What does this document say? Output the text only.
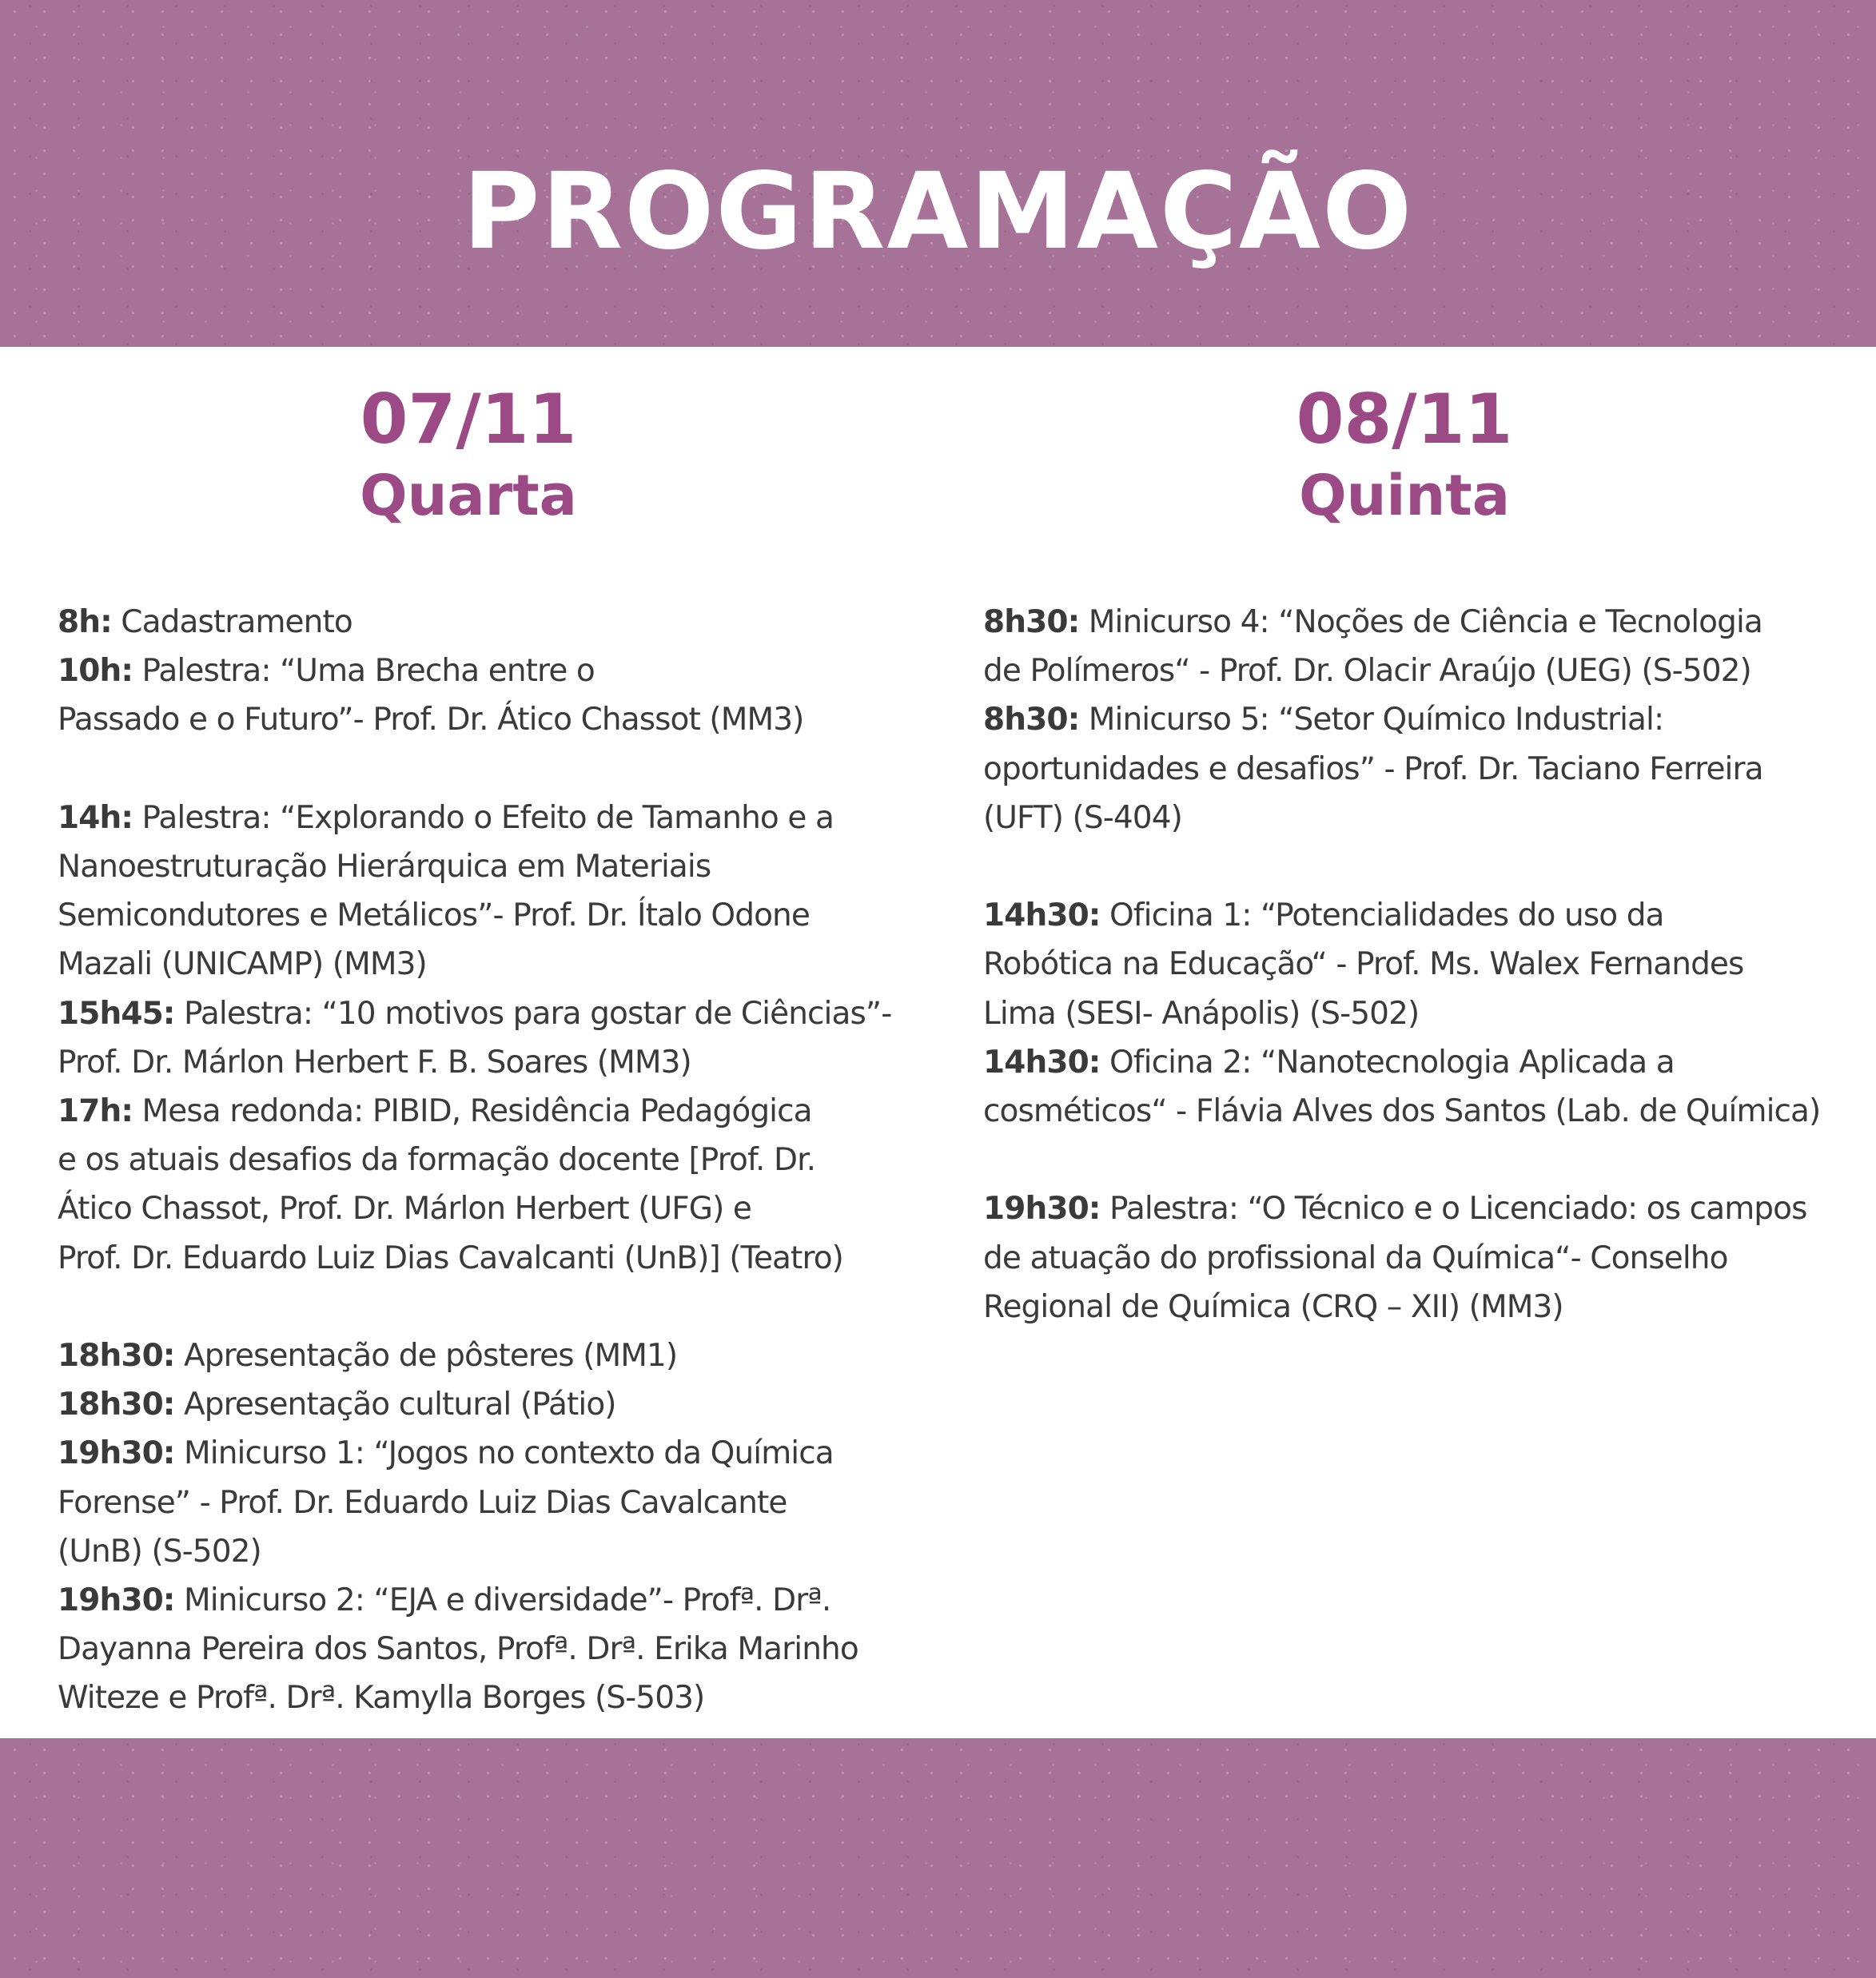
PROGRAMAÇÃO
07/11
Quarta
08/11
Quinta
8h: Cadastramento
10h: Palestra: “Uma Brecha entre o
Passado e o Futuro”- Prof. Dr. Ático Chassot (MM3)
14h: Palestra: “Explorando o Efeito de Tamanho e a
Nanoestruturação Hierárquica em Materiais
Semicondutores e Metálicos”- Prof. Dr. Ítalo Odone
Mazali (UNICAMP) (MM3)
15h45: Palestra: “10 motivos para gostar de Ciências”-
Prof. Dr. Márlon Herbert F. B. Soares (MM3)
17h: Mesa redonda: PIBID, Residência Pedagógica
e os atuais desafios da formação docente [Prof. Dr.
Ático Chassot, Prof. Dr. Márlon Herbert (UFG) e
Prof. Dr. Eduardo Luiz Dias Cavalcanti (UnB)] (Teatro)
18h30: Apresentação de pôsteres (MM1)
18h30: Apresentação cultural (Pátio)
19h30: Minicurso 1: “Jogos no contexto da Química
Forense” - Prof. Dr. Eduardo Luiz Dias Cavalcante
(UnB) (S-502)
19h30: Minicurso 2: “EJA e diversidade”- Profª. Drª.
Dayanna Pereira dos Santos, Profª. Drª. Erika Marinho
Witeze e Profª. Drª. Kamylla Borges (S-503)
8h30: Minicurso 4: “Noções de Ciência e Tecnologia
de Polímeros“ - Prof. Dr. Olacir Araújo (UEG) (S-502)
8h30: Minicurso 5: “Setor Químico Industrial:
oportunidades e desafios” - Prof. Dr. Taciano Ferreira
(UFT) (S-404)
14h30: Oficina 1: “Potencialidades do uso da
Robótica na Educação“ - Prof. Ms. Walex Fernandes
Lima (SESI- Anápolis) (S-502)
14h30: Oficina 2: “Nanotecnologia Aplicada a
cosméticos“ - Flávia Alves dos Santos (Lab. de Química)
19h30: Palestra: “O Técnico e o Licenciado: os campos
de atuação do profissional da Química“- Conselho
Regional de Química (CRQ – XII) (MM3)
